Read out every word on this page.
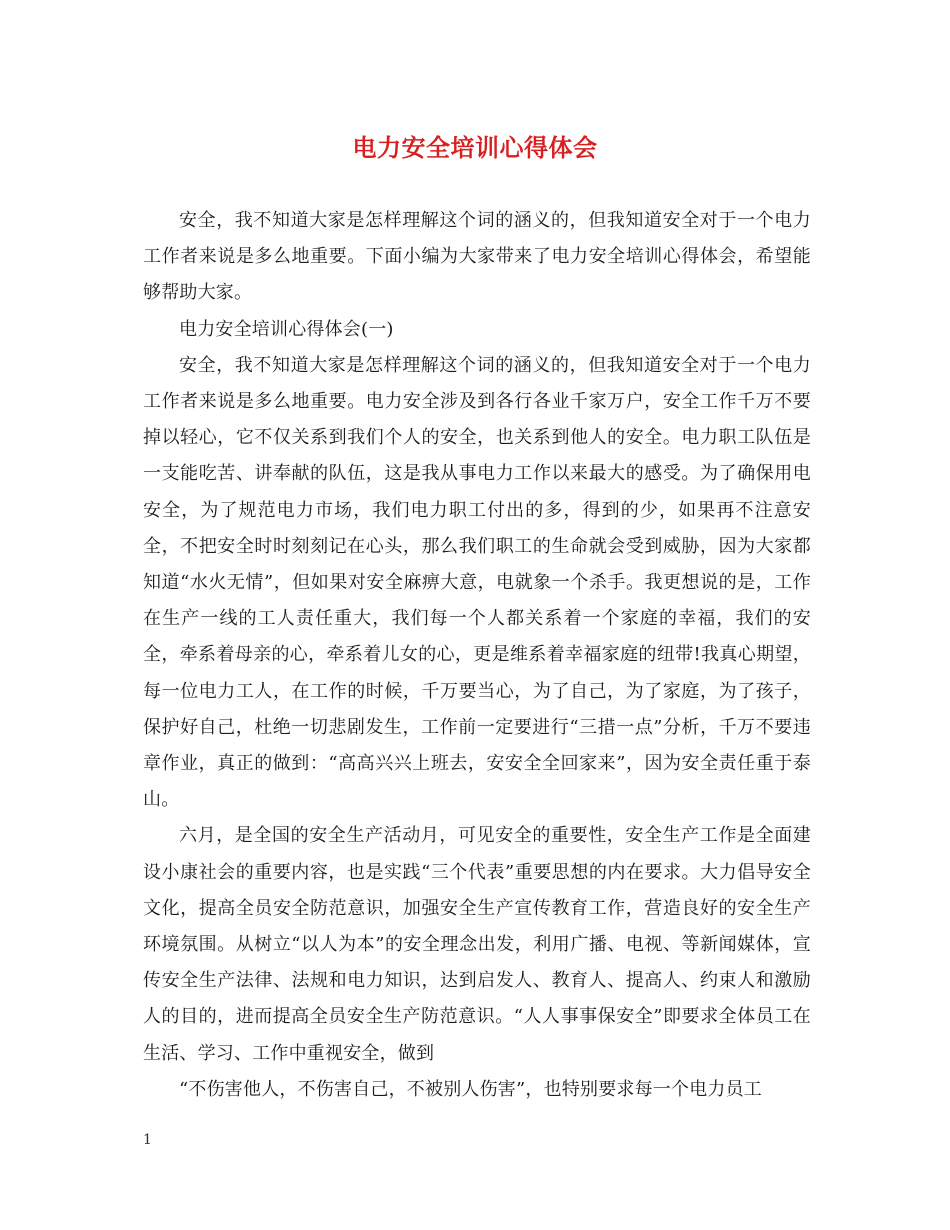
电力安全培训心得体会

安全，我不知道大家是怎样理解这个词的涵义的，但我知道安全对于一个电力工作者来说是多么地重要。下面小编为大家带来了电力安全培训心得体会，希望能够帮助大家。

电力安全培训心得体会(一)

安全，我不知道大家是怎样理解这个词的涵义的，但我知道安全对于一个电力工作者来说是多么地重要。电力安全涉及到各行各业千家万户，安全工作千万不要掉以轻心，它不仅关系到我们个人的安全，也关系到他人的安全。电力职工队伍是一支能吃苦、讲奉献的队伍，这是我从事电力工作以来最大的感受。为了确保用电安全，为了规范电力市场，我们电力职工付出的多，得到的少，如果再不注意安全，不把安全时时刻刻记在心头，那么我们职工的生命就会受到威胁，因为大家都知道“水火无情”，但如果对安全麻痹大意，电就象一个杀手。我更想说的是，工作在生产一线的工人责任重大，我们每一个人都关系着一个家庭的幸福，我们的安全，牵系着母亲的心，牵系着儿女的心，更是维系着幸福家庭的纽带!我真心期望，每一位电力工人，在工作的时候，千万要当心，为了自己，为了家庭，为了孩子，保护好自己，杜绝一切悲剧发生，工作前一定要进行“三措一点”分析，千万不要违章作业，真正的做到：“高高兴兴上班去，安安全全回家来”，因为安全责任重于泰山。

六月，是全国的安全生产活动月，可见安全的重要性，安全生产工作是全面建设小康社会的重要内容，也是实践“三个代表”重要思想的内在要求。大力倡导安全文化，提高全员安全防范意识，加强安全生产宣传教育工作，营造良好的安全生产环境氛围。从树立“以人为本”的安全理念出发，利用广播、电视、等新闻媒体，宣传安全生产法律、法规和电力知识，达到启发人、教育人、提高人、约束人和激励人的目的，进而提高全员安全生产防范意识。“人人事事保安全”即要求全体员工在生活、学习、工作中重视安全，做到

“不伤害他人，不伤害自己，不被别人伤害”，也特别要求每一个电力员工

1
